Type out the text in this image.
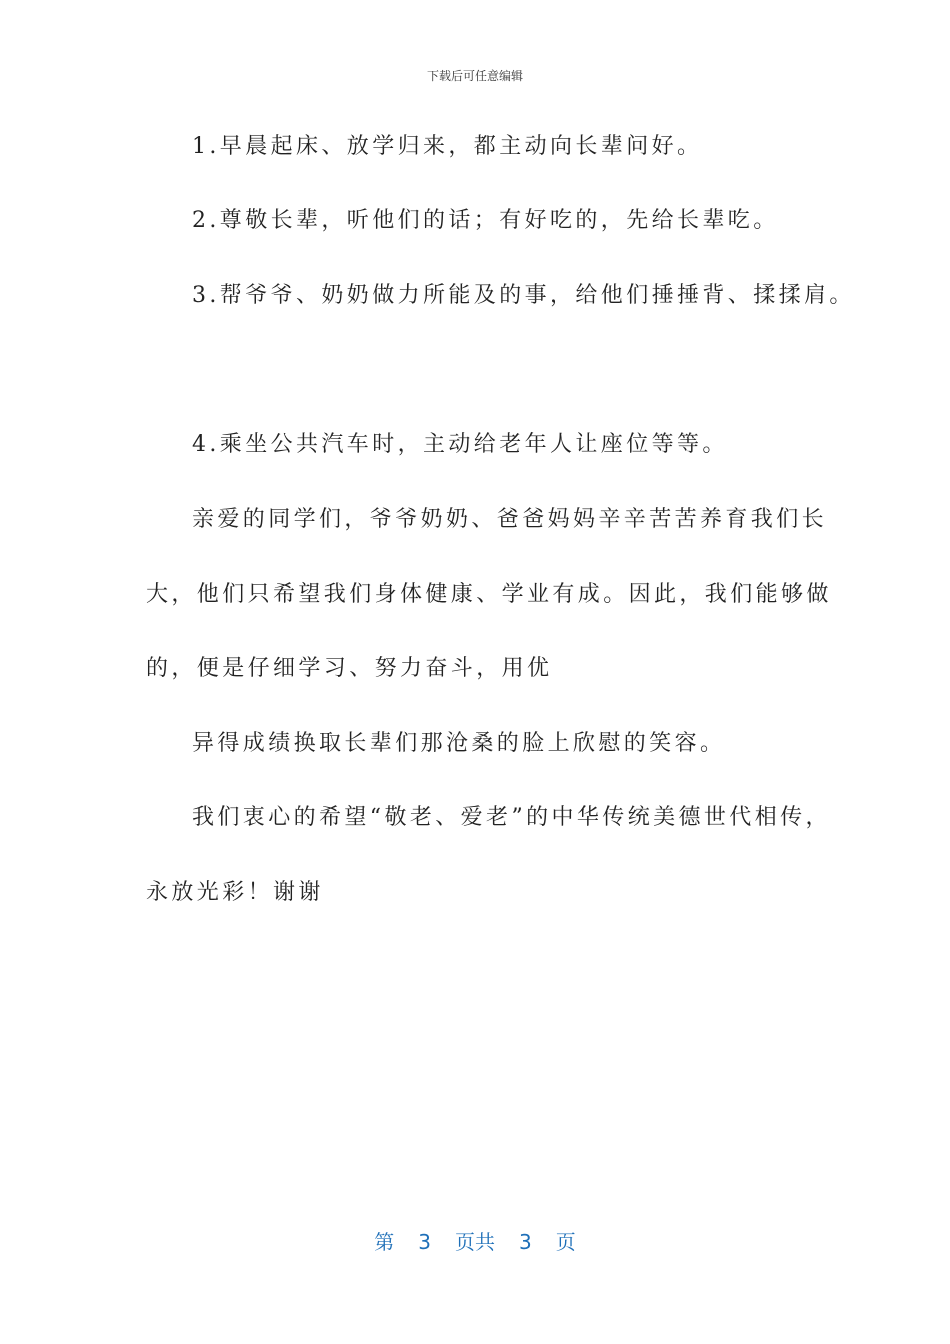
下载后可任意编辑
1.早晨起床、放学归来，都主动向长辈问好。
2.尊敬长辈，听他们的话；有好吃的，先给长辈吃。
3.帮爷爷、奶奶做力所能及的事，给他们捶捶背、揉揉肩。
4.乘坐公共汽车时，主动给老年人让座位等等。
亲爱的同学们，爷爷奶奶、爸爸妈妈辛辛苦苦养育我们长
大，他们只希望我们身体健康、学业有成。因此，我们能够做
的，便是仔细学习、努力奋斗，用优
异得成绩换取长辈们那沧桑的脸上欣慰的笑容。
我们衷心的希望“敬老、爱老”的中华传统美德世代相传，
永放光彩！谢谢
第 3 页共 3 页
